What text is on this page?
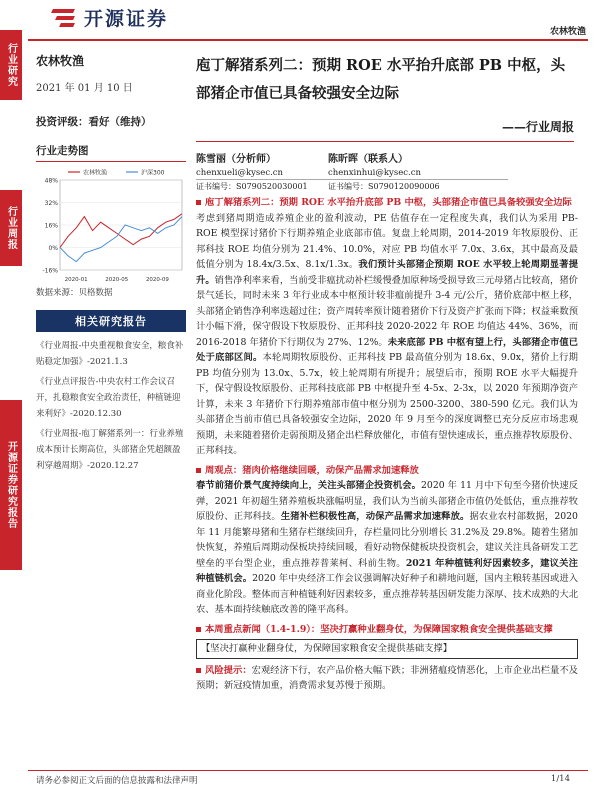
行业研究
行业周报
开源证券研究报告
开源证券
农林牧渔
农林牧渔
2021 年 01 月 10 日
投资评级：看好（维持）
行业走势图
-16%
0%
16%
32%
48%
2020-01	2020-05	2020-09
农林牧渔	沪深300
数据来源：贝格数据
相关研究报告
《行业周报-中央重视粮食安全，粮食补贴稳定加强》-2021.1.3
《行业点评报告-中央农村工作会议召开，扎稳粮食安全政治责任，种植链迎来利好》-2020.12.30
《行业周报-庖丁解猪系列一：行业养殖成本预计长期高位，头部猪企凭超额盈利穿越周期》-2020.12.27
庖丁解猪系列二：预期 ROE 水平抬升底部 PB 中枢，头部猪企市值已具备较强安全边际
——行业周报
陈雪丽（分析师）
chenxueli@kysec.cn
证书编号：S0790520030001
陈昕晖（联系人）
chenxinhui@kysec.cn
证书编号：S0790120090006
庖丁解猪系列二：预期 ROE 水平抬升底部 PB 中枢，头部猪企市值已具备较强安全边际
考虑到猪周期造成养殖企业的盈利波动，PE 估值存在一定程度失真，我们认为采用 PB-ROE 模型探讨猪价下行期养殖企业底部市值。复盘上轮周期，2014-2019 年牧原股份、正邦科技 ROE 均值分别为 21.4%、10.0%，对应 PB 均值水平 7.0x、3.6x，其中最高及最低值分别为 18.4x/3.5x、8.1x/1.3x。我们预计头部猪企预期 ROE 水平较上轮周期显著提升。销售净利率来看，当前受非瘟扰动补栏缓慢叠加原种场受损导致三元母猪占比较高，猪价景气延长，同时未来 3 年行业成本中枢预计较非瘟前提升 3-4 元/公斤，猪价底部中枢上移，头部猪企销售净利率迭超过往；资产周转率预计随着猪价下行及资产扩张而下降；权益乘数预计小幅下滑，保守假设下牧原股份、正邦科技 2020-2022 年 ROE 均值达 44%、36%，而 2016-2018 年猪价下行期仅为 27%、12%。未来底部 PB 中枢有望上行，头部猪企市值已处于底部区间。本轮周期牧原股份、正邦科技 PB 最高值分别为 18.6x、9.0x，猪价上行期 PB 均值分别为 13.0x、5.7x，较上轮周期有所提升；展望后市，预期 ROE 水平大幅提升下，保守假设牧原股份、正邦科技底部 PB 中枢提升至 4-5x、2-3x，以 2020 年预期净资产计算，未来 3 年猪价下行期养殖部市值中枢分别为 2500-3200、380-590 亿元。我们认为头部猪企当前市值已具备较强安全边际，2020 年 9 月至今的深度调整已充分反应市场悲观预期，未来随着猪价走弱预期及猪企出栏释放催化，市值有望快速成长，重点推荐牧原股份、正邦科技。
周观点：猪肉价格继续回暖，动保产品需求加速释放
春节前猪价景气度持续向上，关注头部猪企投资机会。2020 年 11 月中下旬至今猪价快速反弹，2021 年初超生猪养殖板块涨幅明显，我们认为当前头部猪企市值仍处低估，重点推荐牧原股份、正邦科技。生猪补栏积极性高，动保产品需求加速释放。据农业农村部数据，2020 年 11 月能繁母猪和生猪存栏继续回升，存栏量同比分别增长 31.2%及 29.8%。随着生猪加快恢复，养殖后周期动保板块持续回暖，看好动物保健板块投资机会，建议关注具备研发工艺壁垒的平台型企业，重点推荐普莱柯、科前生物。2021 年种植链利好因素较多，建议关注种植链机会。2020 年中央经济工作会议强调解决好种子和耕地问题，国内主粮转基因或进入商业化阶段。整体而言种植链利好因素较多，重点推荐转基因研发能力深厚、技术成熟的大北农、基本面持续触底改善的隆平高科。
本周重点新闻（1.4-1.9）：坚决打赢种业翻身仗，为保障国家粮食安全提供基础支撑
【坚决打赢种业翻身仗，为保障国家粮食安全提供基础支撑】
风险提示：宏观经济下行，农产品价格大幅下跌；非洲猪瘟疫情恶化，上市企业出栏量不及预期；新冠疫情加重，消费需求复苏慢于预期。
请务必参阅正文后面的信息披露和法律声明	1/14
